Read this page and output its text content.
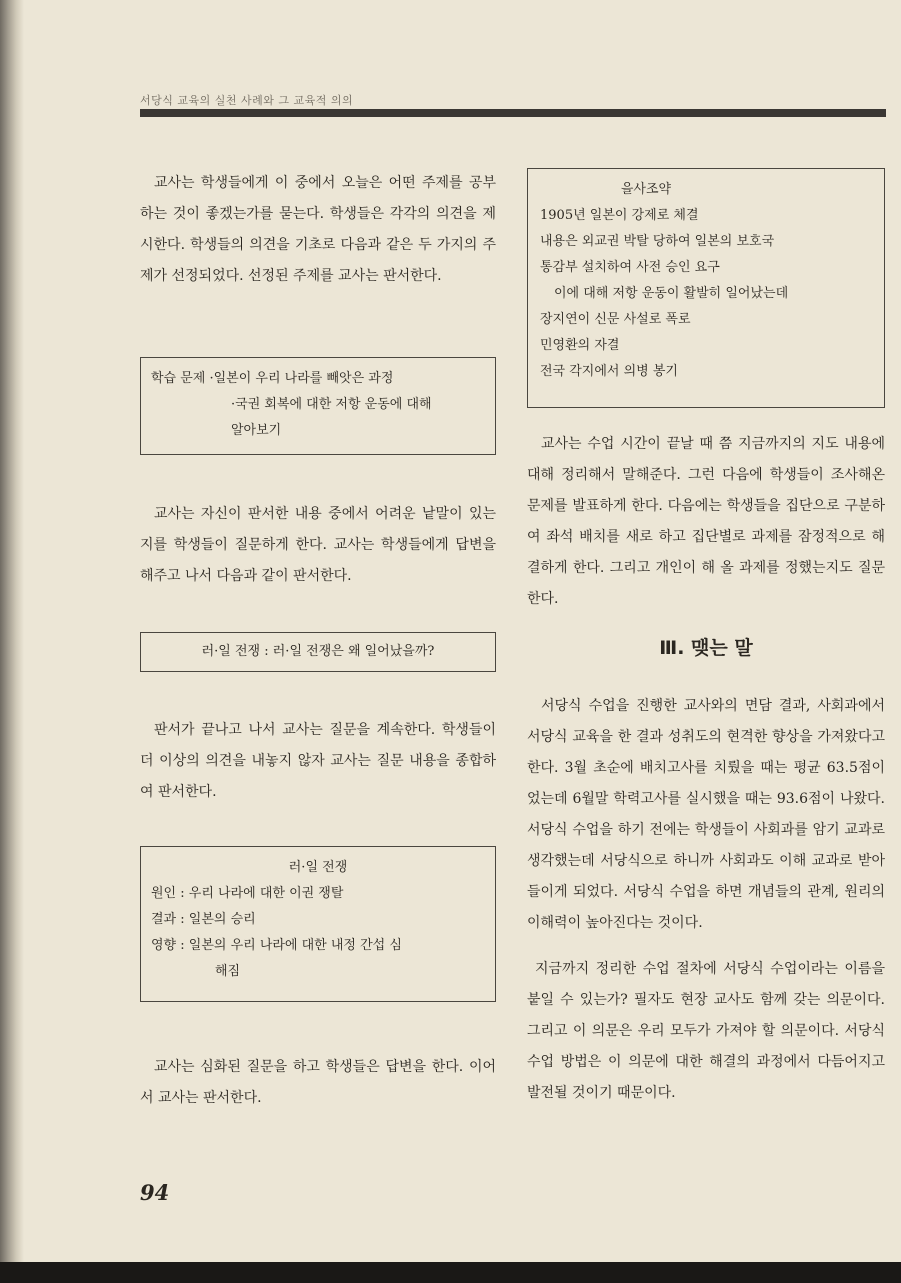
서당식 교육의 실천 사례와 그 교육적 의의

교사는 학생들에게 이 중에서 오늘은 어떤 주제를 공부하는 것이 좋겠는가를 묻는다. 학생들은 각각의 의견을 제시한다. 학생들의 의견을 기초로 다음과 같은 두 가지의 주제가 선정되었다. 선정된 주제를 교사는 판서한다.

학습 문제 ·일본이 우리 나라를 빼앗은 과정
·국권 회복에 대한 저항 운동에 대해
알아보기

교사는 자신이 판서한 내용 중에서 어려운 낱말이 있는지를 학생들이 질문하게 한다. 교사는 학생들에게 답변을 해주고 나서 다음과 같이 판서한다.

러·일 전쟁 : 러·일 전쟁은 왜 일어났을까?

판서가 끝나고 나서 교사는 질문을 계속한다. 학생들이 더 이상의 의견을 내놓지 않자 교사는 질문 내용을 종합하여 판서한다.

러·일 전쟁
원인 : 우리 나라에 대한 이권 쟁탈
결과 : 일본의 승리
영향 : 일본의 우리 나라에 대한 내정 간섭 심
해짐

교사는 심화된 질문을 하고 학생들은 답변을 한다. 이어서 교사는 판서한다.

을사조약
1905년 일본이 강제로 체결
내용은 외교권 박탈 당하여 일본의 보호국
통감부 설치하여 사전 승인 요구
이에 대해 저항 운동이 활발히 일어났는데
장지연이 신문 사설로 폭로
민영환의 자결
전국 각지에서 의병 봉기

교사는 수업 시간이 끝날 때 쯤 지금까지의 지도 내용에 대해 정리해서 말해준다. 그런 다음에 학생들이 조사해온 문제를 발표하게 한다. 다음에는 학생들을 집단으로 구분하여 좌석 배치를 새로 하고 집단별로 과제를 잠정적으로 해결하게 한다. 그리고 개인이 해 올 과제를 정했는지도 질문한다.

Ⅲ. 맺는 말

서당식 수업을 진행한 교사와의 면담 결과, 사회과에서 서당식 교육을 한 결과 성취도의 현격한 향상을 가져왔다고 한다. 3월 초순에 배치고사를 치뤘을 때는 평균 63.5점이었는데 6월말 학력고사를 실시했을 때는 93.6점이 나왔다. 서당식 수업을 하기 전에는 학생들이 사회과를 암기 교과로 생각했는데 서당식으로 하니까 사회과도 이해 교과로 받아들이게 되었다. 서당식 수업을 하면 개념들의 관계, 원리의 이해력이 높아진다는 것이다.

지금까지 정리한 수업 절차에 서당식 수업이라는 이름을 붙일 수 있는가? 필자도 현장 교사도 함께 갖는 의문이다. 그리고 이 의문은 우리 모두가 가져야 할 의문이다. 서당식 수업 방법은 이 의문에 대한 해결의 과정에서 다듬어지고 발전될 것이기 때문이다.

94
